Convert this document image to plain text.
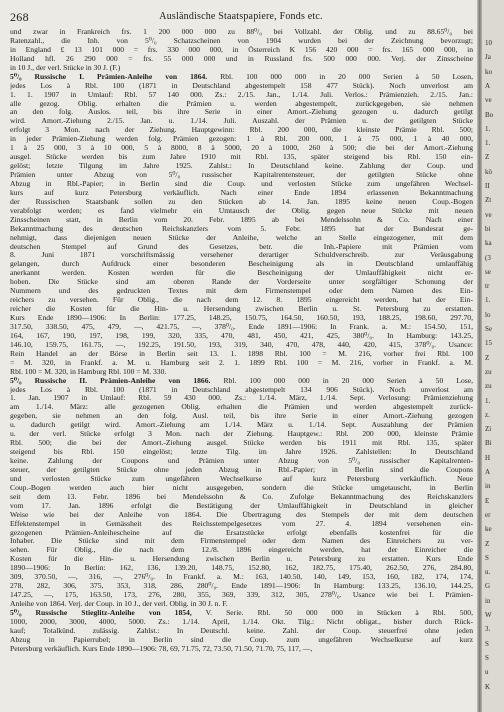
268	Ausländische Staatspapiere, Fonds etc.
und zwar in Frankreich frs. 1 200 000 000 zu 88⁰/₀ bei Vollzahl. der Oblig. und zu 88.65⁰/₀ bei
Ratenzahl., die Inh. von 5⁰/₀ Schatzscheinen von 1904 wurden bei der Zeichnung bevorzugt;
in England £ 13 101 000 = frs. 330 000 000, in Österreich K 156 420 000 = frs. 165 000 000, in
Holland hfl. 26 290 000 = frs. 55 000 000 und in Russland frs. 500 000 000. Verj. der Zinsscheine
in 10 J., der verl. Stücke in 30 J. (F.)
5⁰/₀ Russische I. Prämien-Anleihe von 1864. Rbl. 100 000 000 in 20 000 Serien à 50 Losen,
jedes Los à Rbl. 100 (1871 in Deutschland abgestempelt 158 477 Stück). Noch unverlost am
1. 1. 1907 in Umlauf: Rbl. 57 140 000. Zs.: 2./15. Jan., 1./14. Juli. Verlos.: Prämienzieh. 2./15. Jan.:
alle gezog. Oblig. erhalten die Prämien u. werden abgestempelt, zurückgegeben, sie nehmen
an den folg. Auslos. teil, bis ihre Serie in einer Amort.-Ziehung gezogen u. dadurch getilgt
wird. Amort.-Ziehung 2./15. Jan. u. 1./14. Juli. Auszahl. der Prämien u. der getilgten Stücke
erfolgt 3 Mon. nach der Ziehung. Hauptgewinn: Rbl. 200 000, die kleinste Prämie Rbl. 500;
in jeder Prämien-Ziehung werden folg. Prämien gezogen: 1 à Rbl. 200 000, 1 à 75 000, 1 à 40 000,
1 à 25 000, 3 à 10 000, 5 à 8000, 8 à 5000, 20 à 1000, 260 à 500; die bei der Amort.-Ziehung
ausgel. Stücke werden bis zum Jahre 1910 mit Rbl. 135, später steigend bis Rbl. 150 ein-
gelöst; letzte Tilgung im Jahre 1925. Zahlst.: In Deutschland keine. Zahlung der Coup. und
Prämien unter Abzug von 5⁰/₀ russischer Kapitalrentensteuer, der getilgten Stücke ohne
Abzug in Rbl.-Papier; in Berlin sind die Coup. und verlosten Stücke zum ungefähren Wechsel-
kurs auf kurz Petersburg verkäuflich. Nach einer Ende 1894 erlassenen Bekanntmachung
der Russischen Staatsbank sollen zu den Stücken ab 14. Jan. 1895 keine neuen Coup.-Bogen
verabfolgt werden; es fand vielmehr ein Umtausch der Oblig. gegen neue Stücke mit neuen
Zinsscheinen statt, in Berlin vom 20. Febr. 1895 ab bei Mendelssohn & Co. Nach einer
Bekanntmachung des deutschen Reichskanzlers vom 5. Febr. 1895 hat der Bundesrat ge-
nehmigt, dass diejenigen neuen Stücke der Anleihe, welche an Stelle eingezogener, mit dem
deutschen Stempel auf Grund des Gesetzes, betr. die Inh.-Papiere mit Prämien vom
8. Juni 1871 vorschriftsmässig versehener derartiger Schuldverschreib. zur Veräusgabung
gelangen, durch Aufdruck einer besonderen Bescheinigung als in Deutschland umlauffähig
anerkannt werden. Kosten werden für die Bescheinigung der Umlauffähigkeit nicht er-
hoben. Die Stücke sind am oberen Rande der Vorderseite unter sorgfältiger Schonung der
Nummern und des gedruckten Textes mit dem Firmenstempel oder dem Namen des Ein-
reichers zu versehen. Für Oblig., die nach dem 12. 8. 1895 eingereicht werden, hat der Ein-
reicher die Kosten für die Hin- u. Hersendung zwischen Berlin u. St. Petersburg zu erstatten.
Kurs Ende 1890—1906: In Berlin: 177.25, 148.25, 150.75, 164.50, 160.50, 193, 188.25, 198.60, 297.70,
317.50, 338.50, 475, 479, —, 421.75, —, 378⁰/₀. Ende 1891—1906: In Frank. a. M.: 154.50, 151,
164, 167, 190, 197, 198, 199, 320, 335, 470, 481, 450, 421, 425, 380⁰/₀. In Hamburg: 143.25,
146.10, 159.75, 161.75, —, 192.25, 191.50, 193, 319, 340, 470, 478, 440, 420, 415, 378⁰/₀. Usance:
Rein Handel an der Börse in Berlin seit 13. 1. 1898 Rbl. 100 = M. 216, vorher frei Rbl. 100
= M. 320, in Frankf. a. M. u. Hamburg seit 2. 1. 1899 Rbl. 100 = M. 216, vorher in Frankf. a. M.
Rbl. 100 = M. 320, in Hamburg Rbl. 100 = M. 330.
5⁰/₀ Russische II. Prämien-Anleihe von 1866. Rbl. 100 000 000 in 20 000 Serien à 50 Lose,
jedes Los à Rbl. 100 (1871 in Deutschland abgestempelt 134 906 Stück). Noch unverlost am
1. Jan. 1907 in Umlauf: Rbl. 59 430 000. Zs.: 1./14. März, 1./14. Sept. Verlosung: Prämienziehung
am 1./14. März: alle gezogenen Oblig. erhalten die Prämien und werden abgestempelt zurück-
gegeben, sie nehmen an den folg. Ausl. teil, bis ihre Serie in einer Amort.-Ziehung gezogen
u. dadurch getilgt wird. Amort.-Ziehung am 1./14. März u. 1./14. Sept. Auszahlung der Prämien
u. der verl. Stücke erfolgt 3 Mon. nach der Ziehung. Hauptgew.: Rbl. 200 000, kleinste Prämie
Rbl. 500; die bei der Amort.-Ziehung ausgel. Stücke werden bis 1911 mit Rbl. 135, später
steigend bis Rbl. 150 eingelöst; letzte Tilg. im Jahre 1926. Zahlstellen: In Deutschland
keine. Zahlung der Coupons und Prämien unter Abzug von 5⁰/₀ russischer Kapitalrenten-
steuer, der getilgten Stücke ohne jeden Abzug in Rbl.-Papier; in Berlin sind die Coupons
und verlosten Stücke zum ungefähren Wechselkurse auf kurz Petersburg verkäuflich. Neue
Coup.-Bogen werden auch hier nicht ausgegeben, sondern die Stücke umgetauscht, in Berlin
seit dem 13. Febr. 1896 bei Mendelssohn & Co. Zufolge Bekanntmachung des Reichskanzlers
vom 17. Jan. 1896 erfolgt die Bestätigung der Umlauffähigkeit in Deutschland in gleicher
Weise wie bei der Anleihe von 1864. Die Übertragung des Stempels der mit dem deutschen
Effektenstempel in Gemässheit des Reichsstempelgesetzes vom 27. 4. 1894 versehenen ein-
gezogenen Prämien-Anleihescheine auf die Ersatzstücke erfolgt ebenfalls kostenfrei für die
Inhaber. Die Stücke sind mit dem Firmenstempel oder dem Namen des Einreichers zu ver-
sehen. Für Oblig., die nach dem 12./8. 1896 eingereicht werden, hat der Einreicher die
Kosten für die Hin- u. Hersendung zwischen Berlin u. Petersburg zu erstatten. Kurs Ende
1890—1906: In Berlin: 162, 136, 139.20, 148.75, 152.80, 162, 182.75, 175.40, 262.50, 276, 284.80,
309, 370.50, —, 316, —, 276⁰/₀. In Frankf. a. M.: 163, 140.50, 140, 149, 153, 160, 182, 174, 174,
278, 282, 306, 375, 353, 318, 286, 280⁰/₀. Ende 1891—1906: In Hamburg: 133.25, 136.10, 144.25,
147.25, —, 175, 163.50, 173, 276, 280, 355, 369, 339, 312, 305, 278⁰/₀. Usance wie bei I. Prämien-
Anleihe von 1864. Verj. der Coup. in 10 J., der verl. Oblig. in 30 J. n. F.
5⁰/₀ Russische Stieglitz-Anleihe von 1854, V. Serie. Rbl. 50 000 000 in Stücken à Rbl. 500,
1000, 2000, 3000, 4000, 5000. Zs.: 1./14. April, 1./14. Okt. Tilg.: Nicht obligat., bisher durch Rück-
kauf; Totalkünd. zulässig. Zahlst.: In Deutschl. keine. Zahl. der Coup. steuerfrei ohne jeden
Abzug in Papierrubel; in Berlin sind die Coup. zum ungefähren Wechselkurse auf kurz
Petersburg verkäuflich. Kurs Ende 1890—1906: 78, 69, 71.75, 72, 73.50, 71.50, 71.70, 75, 117, —,
10
Ja
ko
A
ve
Bo
1.
1.
Z
kö
II
Zt
ve
bi
ka
(3
se
tr
1.
lo
Se
15
Z
zu
zu
1.
z.
Zi
Bi
H
A
in
E
er
ke
Z
S
u.
G
in
W
3.
S
S
u
K
